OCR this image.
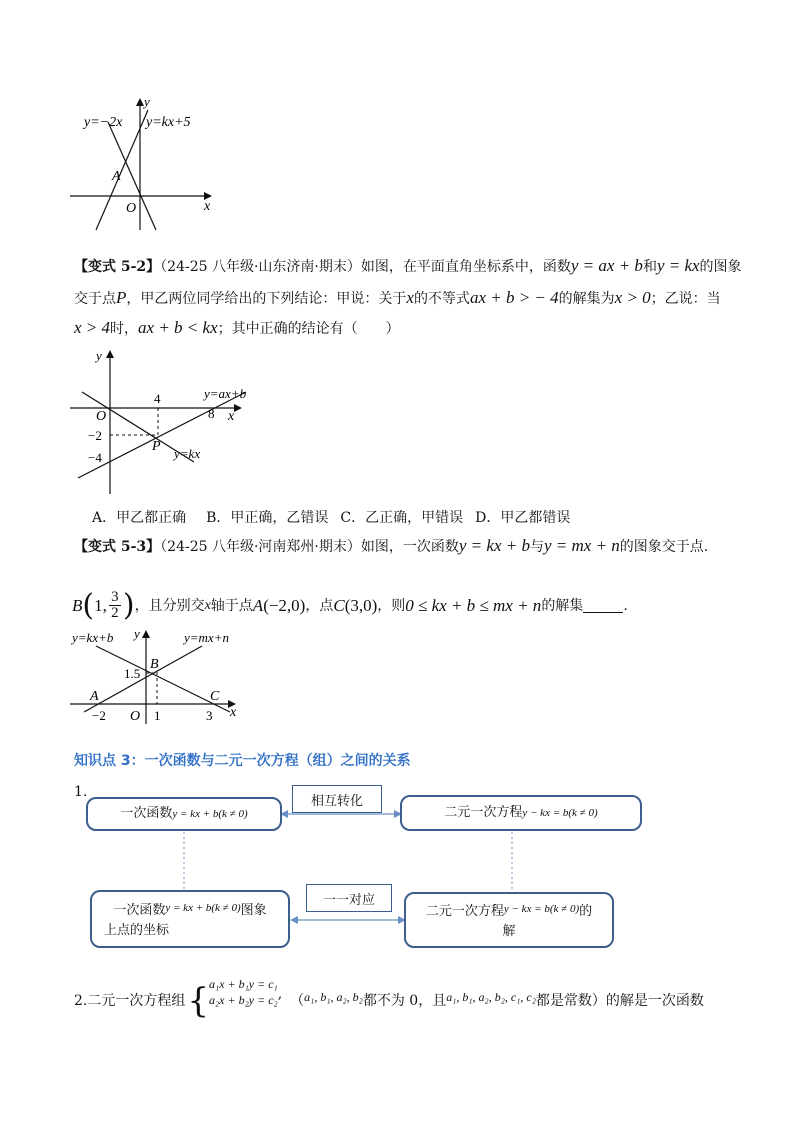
y=−2x y=kx+5
y
x
A
O
【变式 5-2】（24-25 八年级·山东济南·期末）如图，在平面直角坐标系中，函数y = ax + b和y = kx的图象
交于点P，甲乙两位同学给出的下列结论：甲说：关于x的不等式ax + b > − 4的解集为x > 0；乙说：当
x > 4时，ax + b < kx；其中正确的结论有（　　）
y
x
O
4
8
−2
−4
P
y=ax+b
y=kx
A．甲乙都正确 B．甲正确，乙错误 C．乙正确，甲错误 D．甲乙都错误
【变式 5-3】（24-25 八年级·河南郑州·期末）如图，一次函数y = kx + b与y = mx + n的图象交于点.
B ( 1, 3
2 ) ，且分别交 x 轴于点 A (−2,0) ，点 C (3,0) ，则 0 ≤ kx + b ≤ mx + n 的解集	.
y=kx+b	y=mx+n
y
x
B
1.5
A	C
−2 O 1	3
知识点 3：一次函数与二元一次方程（组）之间的关系
1.
一次函数 y = kx + b(k ≠ 0)	二元一次方程 y − kx = b(k ≠ 0)
一次函数$^{y = kx + b(k \ne 0)}$图象
上点的坐标
二元一次方程$^{y - kx = b(k \ne 0)}$的
解
相互转化
一一对应
2.二元一次方程组 { a₁x + b₁y = c₁
a₂x + b₂y = c₂ , （ a₁, b₁, a₂, b₂ 都不为 0，且 a₁, b₁, a₂, b₂, c₁, c₂ 都是常数）的解是一次函数
